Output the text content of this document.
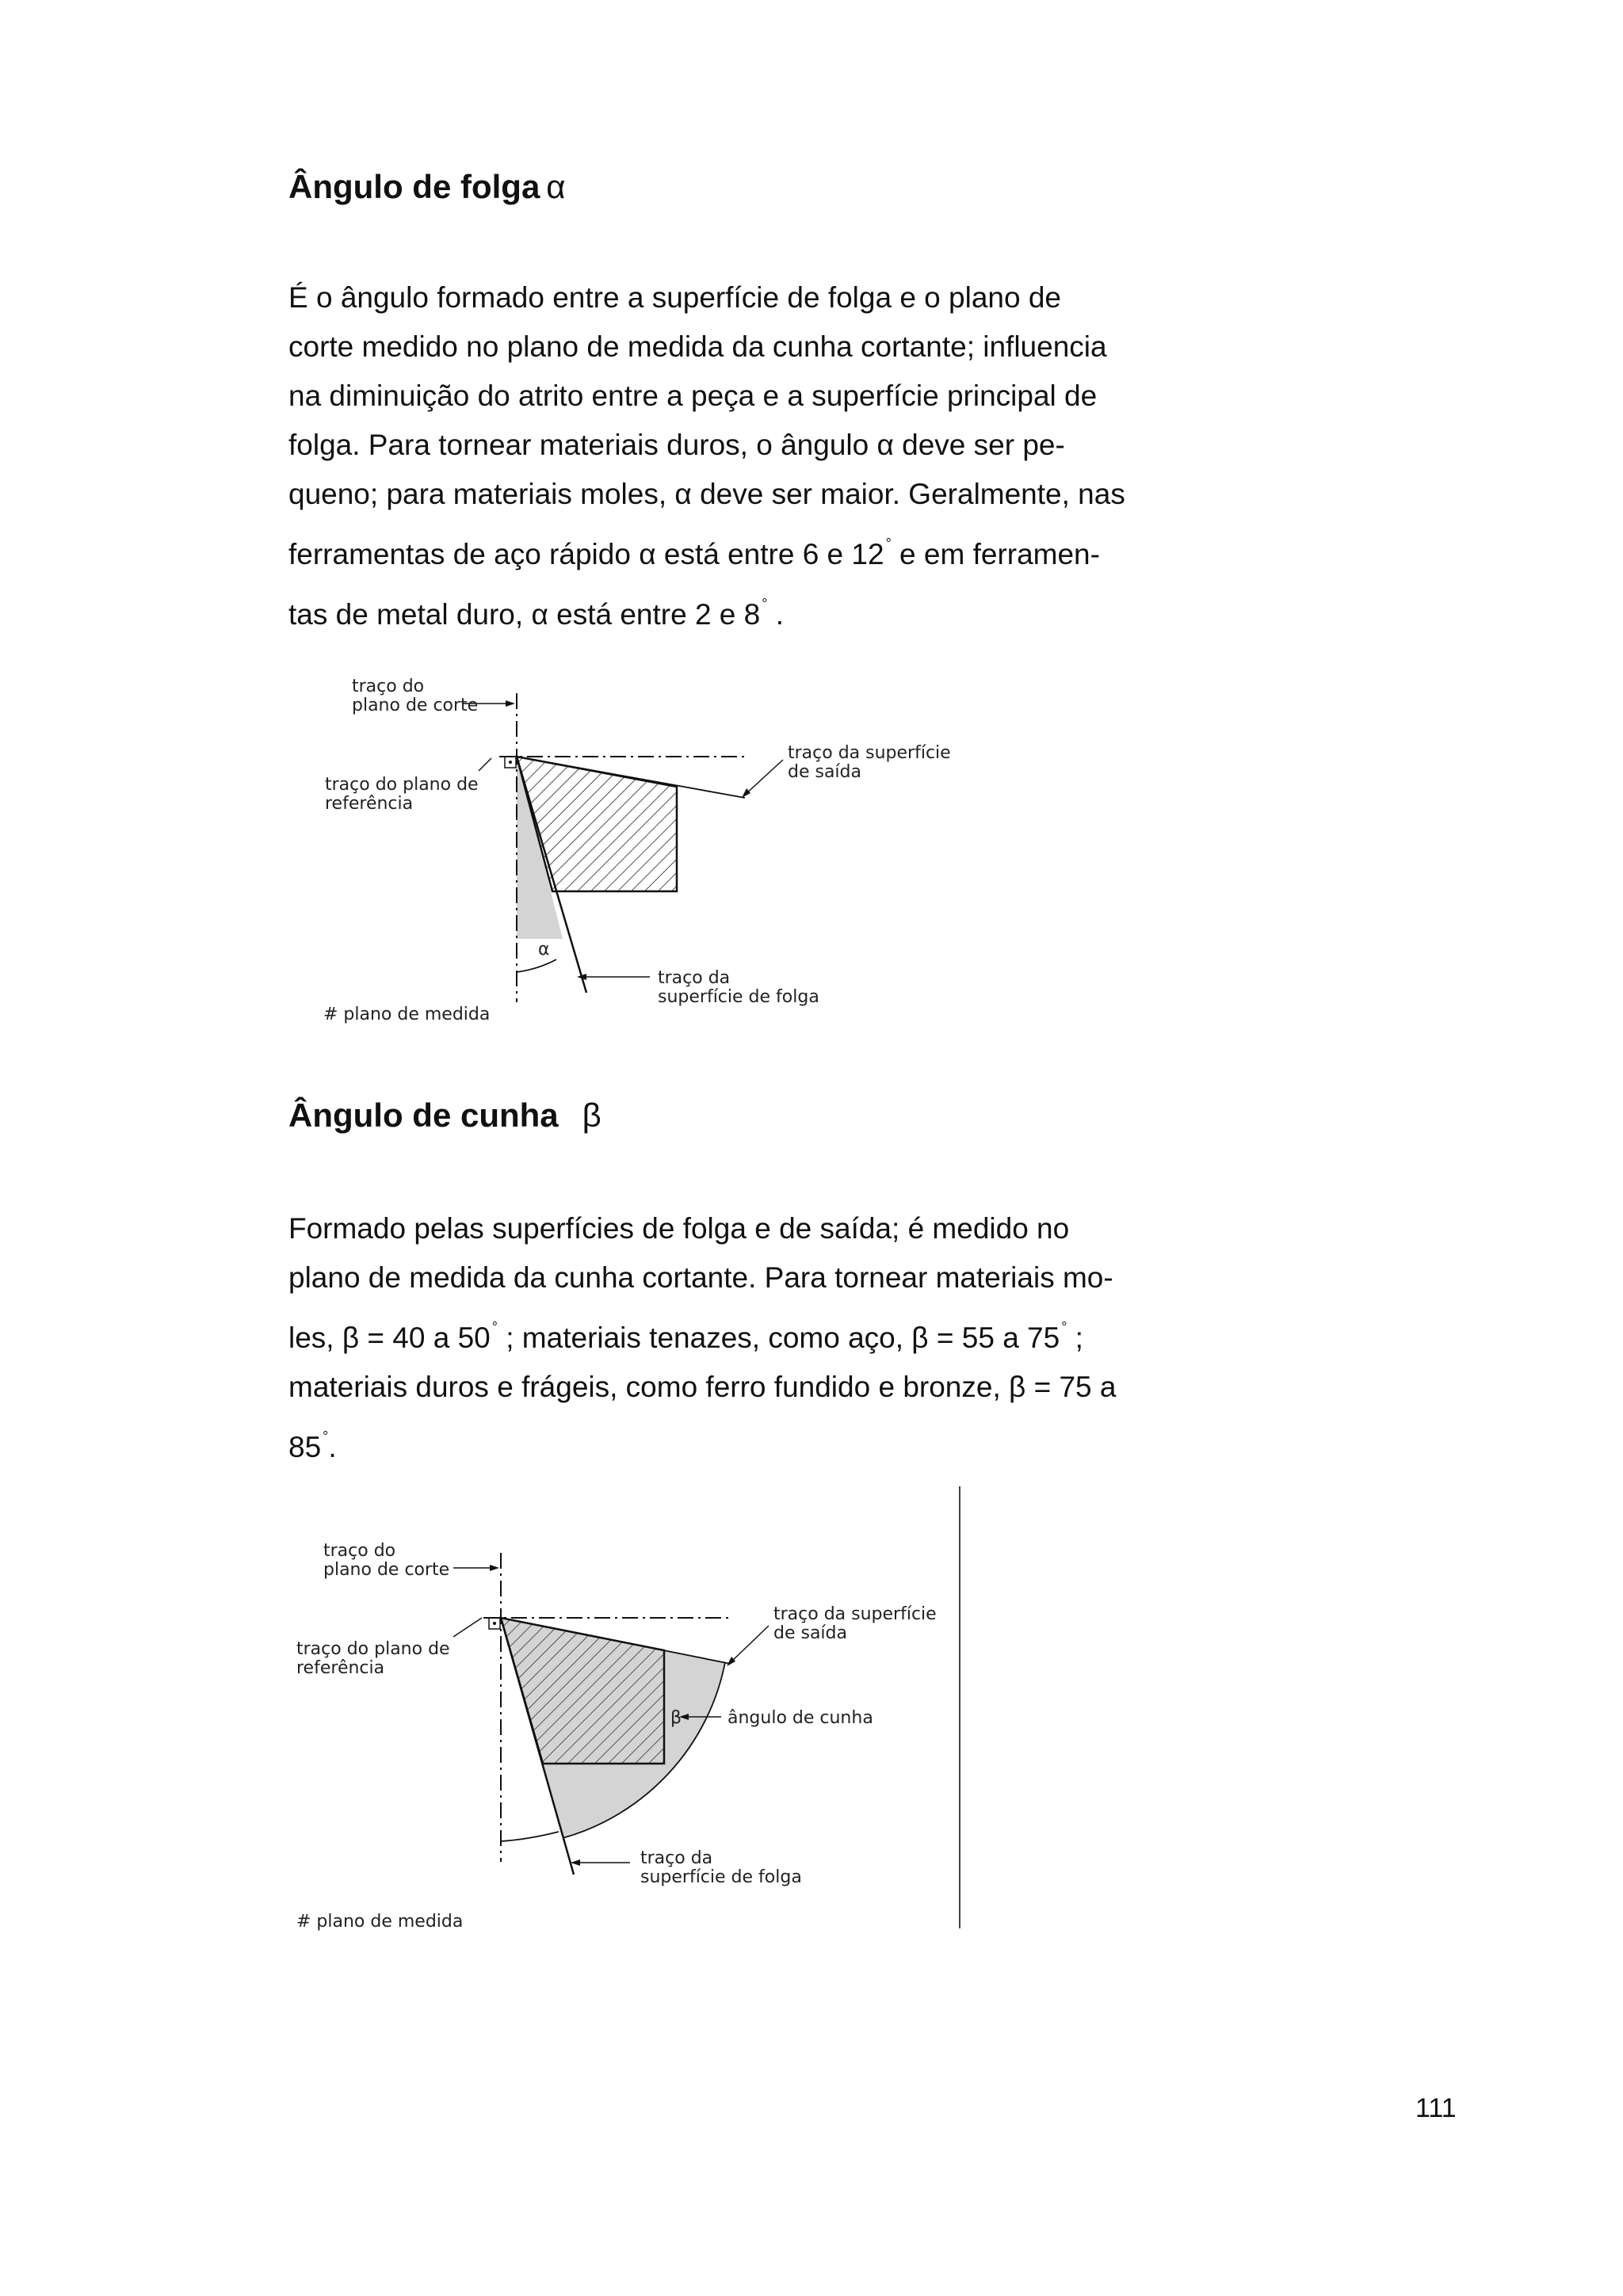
Ângulo de folga α
É o ângulo formado entre a superfície de folga e o plano de
corte medido no plano de medida da cunha cortante; influencia
na diminuição do atrito entre a peça e a superfície principal de
folga. Para tornear materiais duros, o ângulo α deve ser pe-
queno; para materiais moles, α deve ser maior. Geralmente, nas
ferramentas de aço rápido α está entre 6 e 12 ° e em ferramen-
tas de metal duro, α está entre 2 e 8 ° .
traço do
plano de corte
traço do plano de
referência
traço da superfície
de saída
α
traço da
superfície de folga
# plano de medida
Ângulo de cunha β
Formado pelas superfícies de folga e de saída; é medido no
plano de medida da cunha cortante. Para tornear materiais mo-
les, β = 40 a 50 ° ; materiais tenazes, como aço, β = 55 a 75 ° ;
materiais duros e frágeis, como ferro fundido e bronze, β = 75 a
85 °.
traço do
plano de corte
traço do plano de
referência
traço da superfície
de saída
β	ângulo de cunha
traço da
superfície de folga
# plano de medida
111
